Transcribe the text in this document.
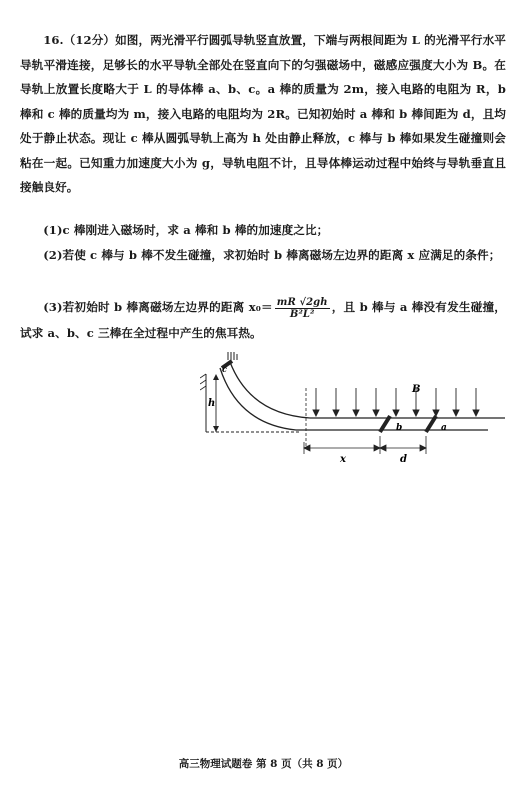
16.（12分）如图，两光滑平行圆弧导轨竖直放置，下端与两根间距为 L 的光滑平行水平导轨平滑连接，足够长的水平导轨全部处在竖直向下的匀强磁场中，磁感应强度大小为 B。在导轨上放置长度略大于 L 的导体棒 a、b、c。a 棒的质量为 2m，接入电路的电阻为 R，b 棒和 c 棒的质量均为 m，接入电路的电阻均为 2R。已知初始时 a 棒和 b 棒间距为 d，且均处于静止状态。现让 c 棒从圆弧导轨上高为 h 处由静止释放，c 棒与 b 棒如果发生碰撞则会粘在一起。已知重力加速度大小为 g，导轨电阻不计，且导体棒运动过程中始终与导轨垂直且接触良好。
(1)c 棒刚进入磁场时，求 a 棒和 b 棒的加速度之比；
(2)若使 c 棒与 b 棒不发生碰撞，求初始时 b 棒离磁场左边界的距离 x 应满足的条件；
(3)若初始时 b 棒离磁场左边界的距离 $x_0= \frac{mR √2gh}{\text{B²L²}}$ ，且 b 棒与 a 棒没有发生碰撞，试求 a、b、c 三棒在全过程中产生的焦耳热。
h
c
B
b	a
x	d
高三物理试题卷 第 8 页（共 8 页）
